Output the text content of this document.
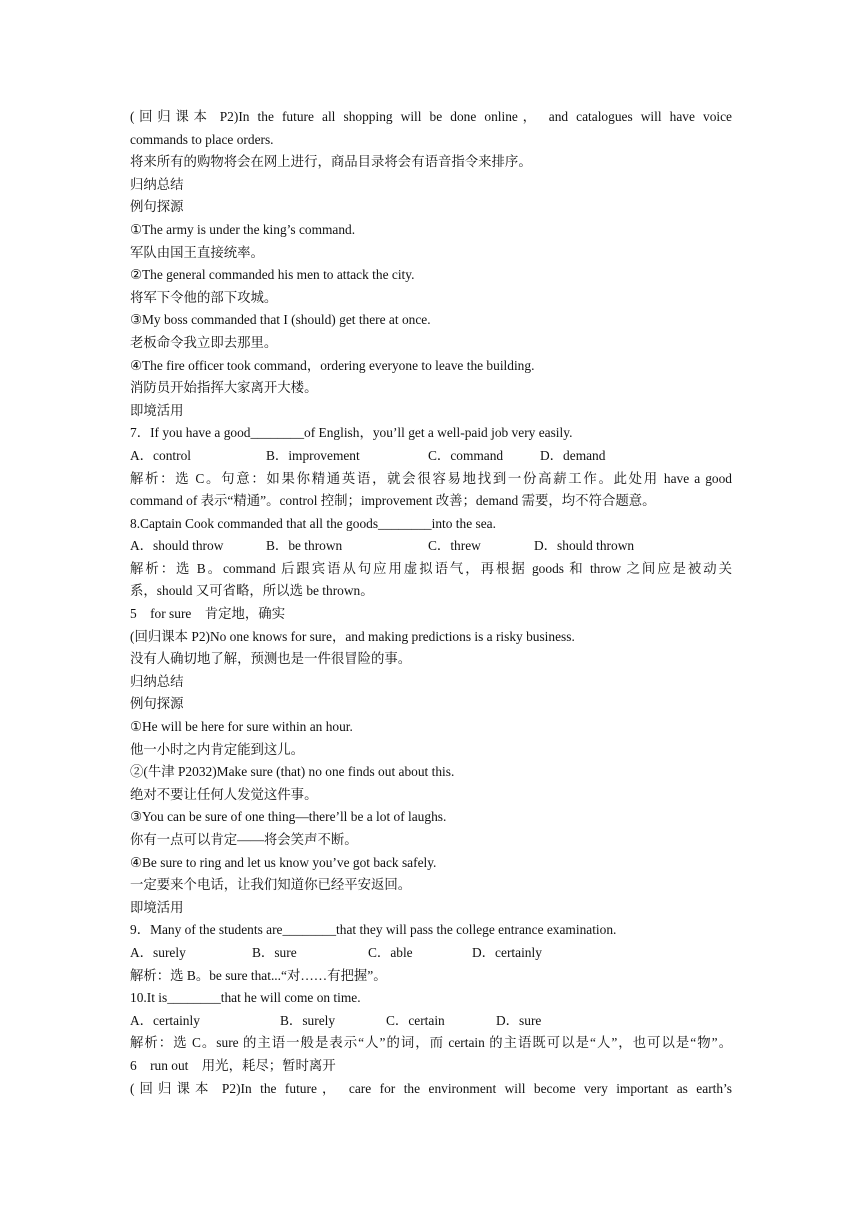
(回归课本 P2)In the future all shopping will be done online， and catalogues will have voice
commands to place orders.
将来所有的购物将会在网上进行，商品目录将会有语音指令来排序。
归纳总结
例句探源
①The army is under the king’s command.
军队由国王直接统率。
②The general commanded his men to attack the city.
将军下令他的部下攻城。
③My boss commanded that I (should) get there at once.
老板命令我立即去那里。
④The fire officer took command，ordering everyone to leave the building.
消防员开始指挥大家离开大楼。
即境活用
7．If you have a good________of English，you’ll get a well-paid job very easily.
A．control	B．improvement	C．command	D．demand
解析：选 C。句意：如果你精通英语，就会很容易地找到一份高薪工作。此处用 have a good
command of 表示“精通”。control 控制；improvement 改善；demand 需要，均不符合题意。
8.Captain Cook commanded that all the goods________into the sea.
A．should throw	B．be thrown	C．threw	D．should thrown
解析：选 B。command 后跟宾语从句应用虚拟语气，再根据 goods 和 throw 之间应是被动关
系，should 又可省略，所以选 be thrown。
5　for sure　肯定地，确实
(回归课本 P2)No one knows for sure，and making predictions is a risky business.
没有人确切地了解，预测也是一件很冒险的事。
归纳总结
例句探源
①He will be here for sure within an hour.
他一小时之内肯定能到这儿。
②(牛津 P2032)Make sure (that) no one finds out about this.
绝对不要让任何人发觉这件事。
③You can be sure of one thing—there’ll be a lot of laughs.
你有一点可以肯定——将会笑声不断。
④Be sure to ring and let us know you’ve got back safely.
一定要来个电话，让我们知道你已经平安返回。
即境活用
9．Many of the students are________that they will pass the college entrance examination.
A．surely	B．sure	C．able	D．certainly
解析：选 B。be sure that...“对……有把握”。
10.It is________that he will come on time.
A．certainly	B．surely	C．certain	D．sure
解析：选 C。sure 的主语一般是表示“人”的词，而 certain 的主语既可以是“人”，也可以是“物”。
6　run out　用光，耗尽；暂时离开
(回归课本 P2)In the future， care for the environment will become very important as earth’s
